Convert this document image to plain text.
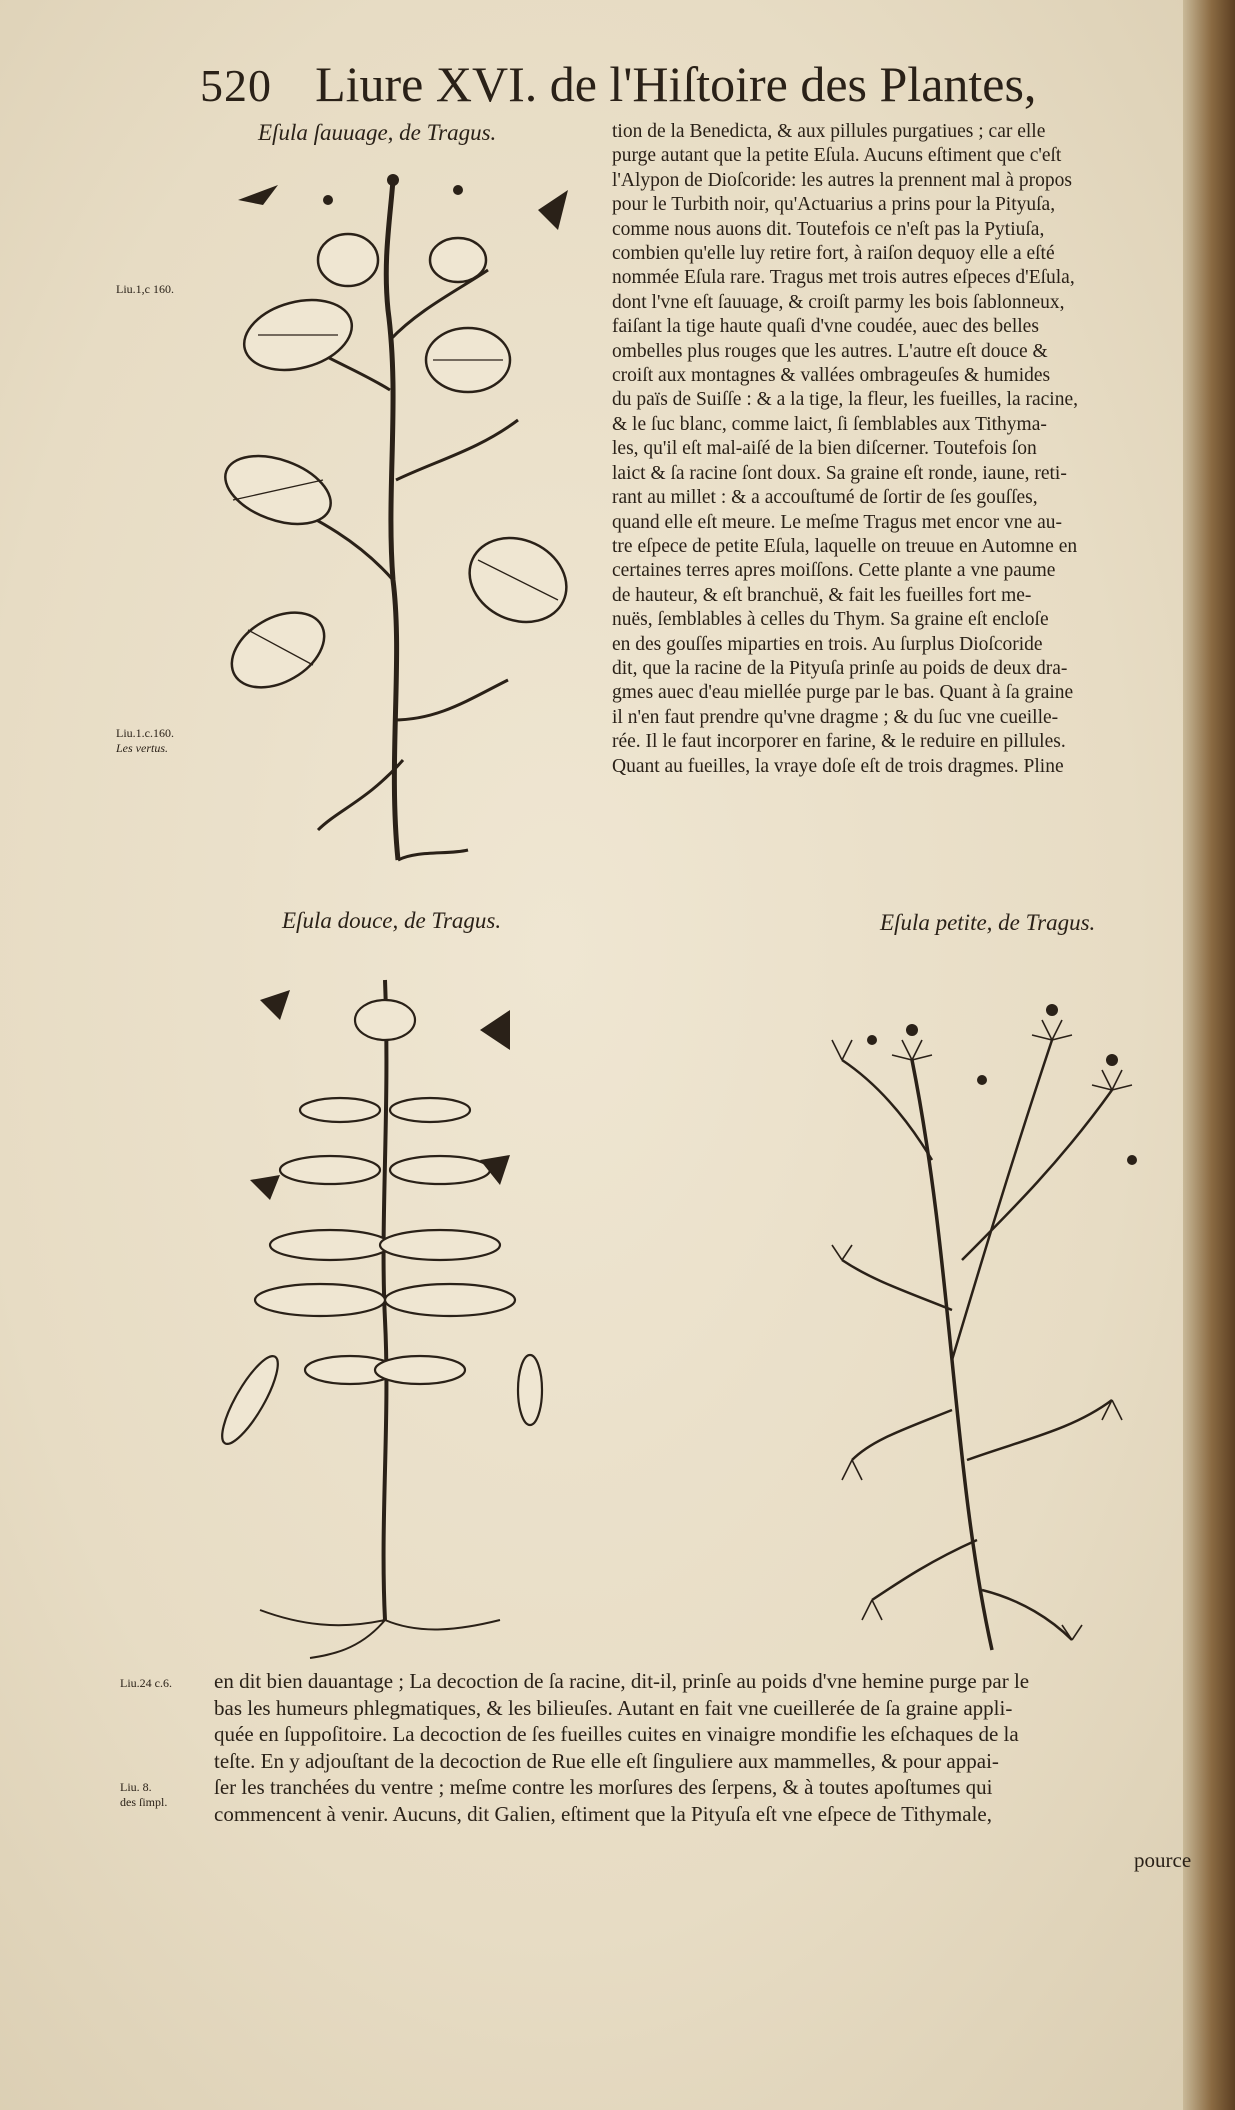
520 Liure XVI. de l'Hiſtoire des Plantes,
Eſula ſauuage, de Tragus.
Eſula douce, de Tragus.	Eſula petite, de Tragus.
Liu.1,c 160.
Liu.1.c.160.
Les vertus.
Liu.24 c.6.
Liu. 8.
des ſimpl.
tion de la Benedicta, & aux pillules purgatiues ; car elle
purge autant que la petite Eſula. Aucuns eſtiment que c'eſt
l'Alypon de Dioſcoride: les autres la prennent mal à propos
pour le Turbith noir, qu'Actuarius a prins pour la Pityuſa,
comme nous auons dit. Toutefois ce n'eſt pas la Pytiuſa,
combien qu'elle luy retire fort, à raiſon dequoy elle a eſté
nommée Eſula rare. Tragus met trois autres eſpeces d'Eſula,
dont l'vne eſt ſauuage, & croiſt parmy les bois ſablonneux,
faiſant la tige haute quaſi d'vne coudée, auec des belles
ombelles plus rouges que les autres. L'autre eſt douce &
croiſt aux montagnes & vallées ombrageuſes & humides
du païs de Suiſſe : & a la tige, la fleur, les fueilles, la racine,
& le ſuc blanc, comme laict, ſi ſemblables aux Tithyma-
les, qu'il eſt mal-aiſé de la bien diſcerner. Toutefois ſon
laict & ſa racine ſont doux. Sa graine eſt ronde, iaune, reti-
rant au millet : & a accouſtumé de ſortir de ſes gouſſes,
quand elle eſt meure. Le meſme Tragus met encor vne au-
tre eſpece de petite Eſula, laquelle on treuue en Automne en
certaines terres apres moiſſons. Cette plante a vne paume
de hauteur, & eſt branchuë, & fait les fueilles fort me-
nuës, ſemblables à celles du Thym. Sa graine eſt encloſe
en des gouſſes miparties en trois. Au ſurplus Dioſcoride
dit, que la racine de la Pityuſa prinſe au poids de deux dra-
gmes auec d'eau miellée purge par le bas. Quant à ſa graine
il n'en faut prendre qu'vne dragme ; & du ſuc vne cueille-
rée. Il le faut incorporer en farine, & le reduire en pillules.
Quant au fueilles, la vraye doſe eſt de trois dragmes. Pline
en dit bien dauantage ; La decoction de ſa racine, dit-il, prinſe au poids d'vne hemine purge par le
bas les humeurs phlegmatiques, & les bilieuſes. Autant en fait vne cueillerée de ſa graine appli-
quée en ſuppoſitoire. La decoction de ſes fueilles cuites en vinaigre mondifie les eſchaques de la
teſte. En y adjouſtant de la decoction de Rue elle eſt ſinguliere aux mammelles, & pour appai-
ſer les tranchées du ventre ; meſme contre les morſures des ſerpens, & à toutes apoſtumes qui
commencent à venir. Aucuns, dit Galien, eſtiment que la Pityuſa eſt vne eſpece de Tithymale,
pource
